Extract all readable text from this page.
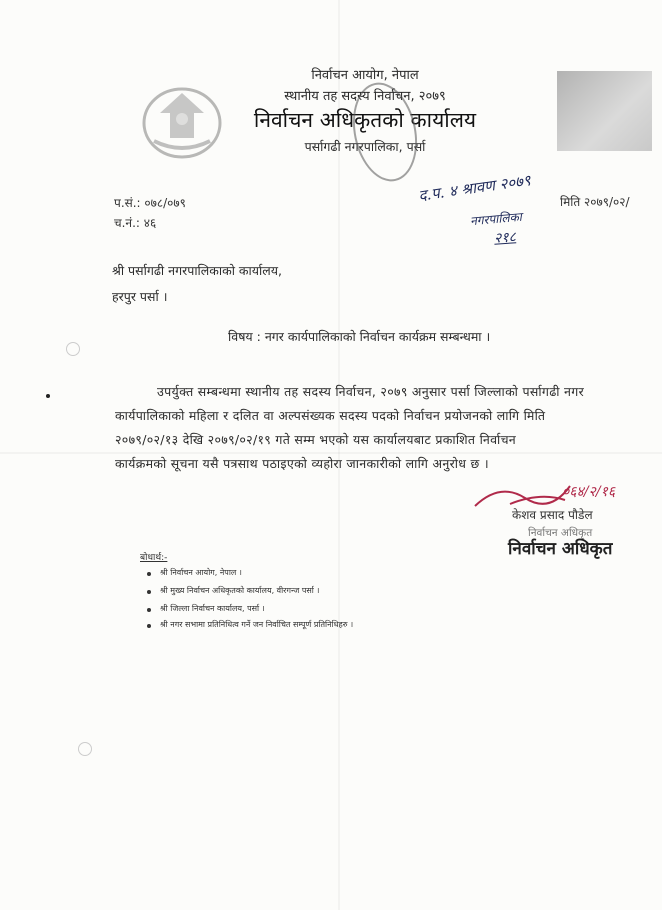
निर्वाचन आयोग, नेपाल
स्थानीय तह सदस्य निर्वाचन, २०७९
निर्वाचन अधिकृतको कार्यालय
पर्सागढी नगरपालिका, पर्सा
प.सं.: ०७८/०७९
च.नं.: ४६
द.प. ४ श्रावण २०७९
नगरपालिका
२१८
मिति २०७९/०२/
श्री पर्सागढी नगरपालिकाको कार्यालय,
हरपुर पर्सा ।
विषय : नगर कार्यपालिकाको निर्वाचन कार्यक्रम सम्बन्धमा ।
उपर्युक्त सम्बन्धमा स्थानीय तह सदस्य निर्वाचन, २०७९ अनुसार पर्सा जिल्लाको पर्सागढी नगर
कार्यपालिकाको महिला र दलित वा अल्पसंख्यक सदस्य पदको निर्वाचन प्रयोजनको लागि मिति
२०७९/०२/१३ देखि २०७९/०२/१९ गते सम्म भएको यस कार्यालयबाट प्रकाशित निर्वाचन
कार्यक्रमको सूचना यसै पत्रसाथ पठाइएको व्यहोरा जानकारीको लागि अनुरोध छ ।
०६४/२/१६
केशव प्रसाद पौडेल
निर्वाचन अधिकृत
निर्वाचन अधिकृत
बोधार्थ:-
श्री निर्वाचन आयोग, नेपाल ।
श्री मुख्य निर्वाचन अधिकृतको कार्यालय, वीरगन्ज पर्सा ।
श्री जिल्ला निर्वाचन कार्यालय, पर्सा ।
श्री नगर सभामा प्रतिनिधित्व गर्ने जन निर्वाचित सम्पूर्ण प्रतिनिधिहरु ।
